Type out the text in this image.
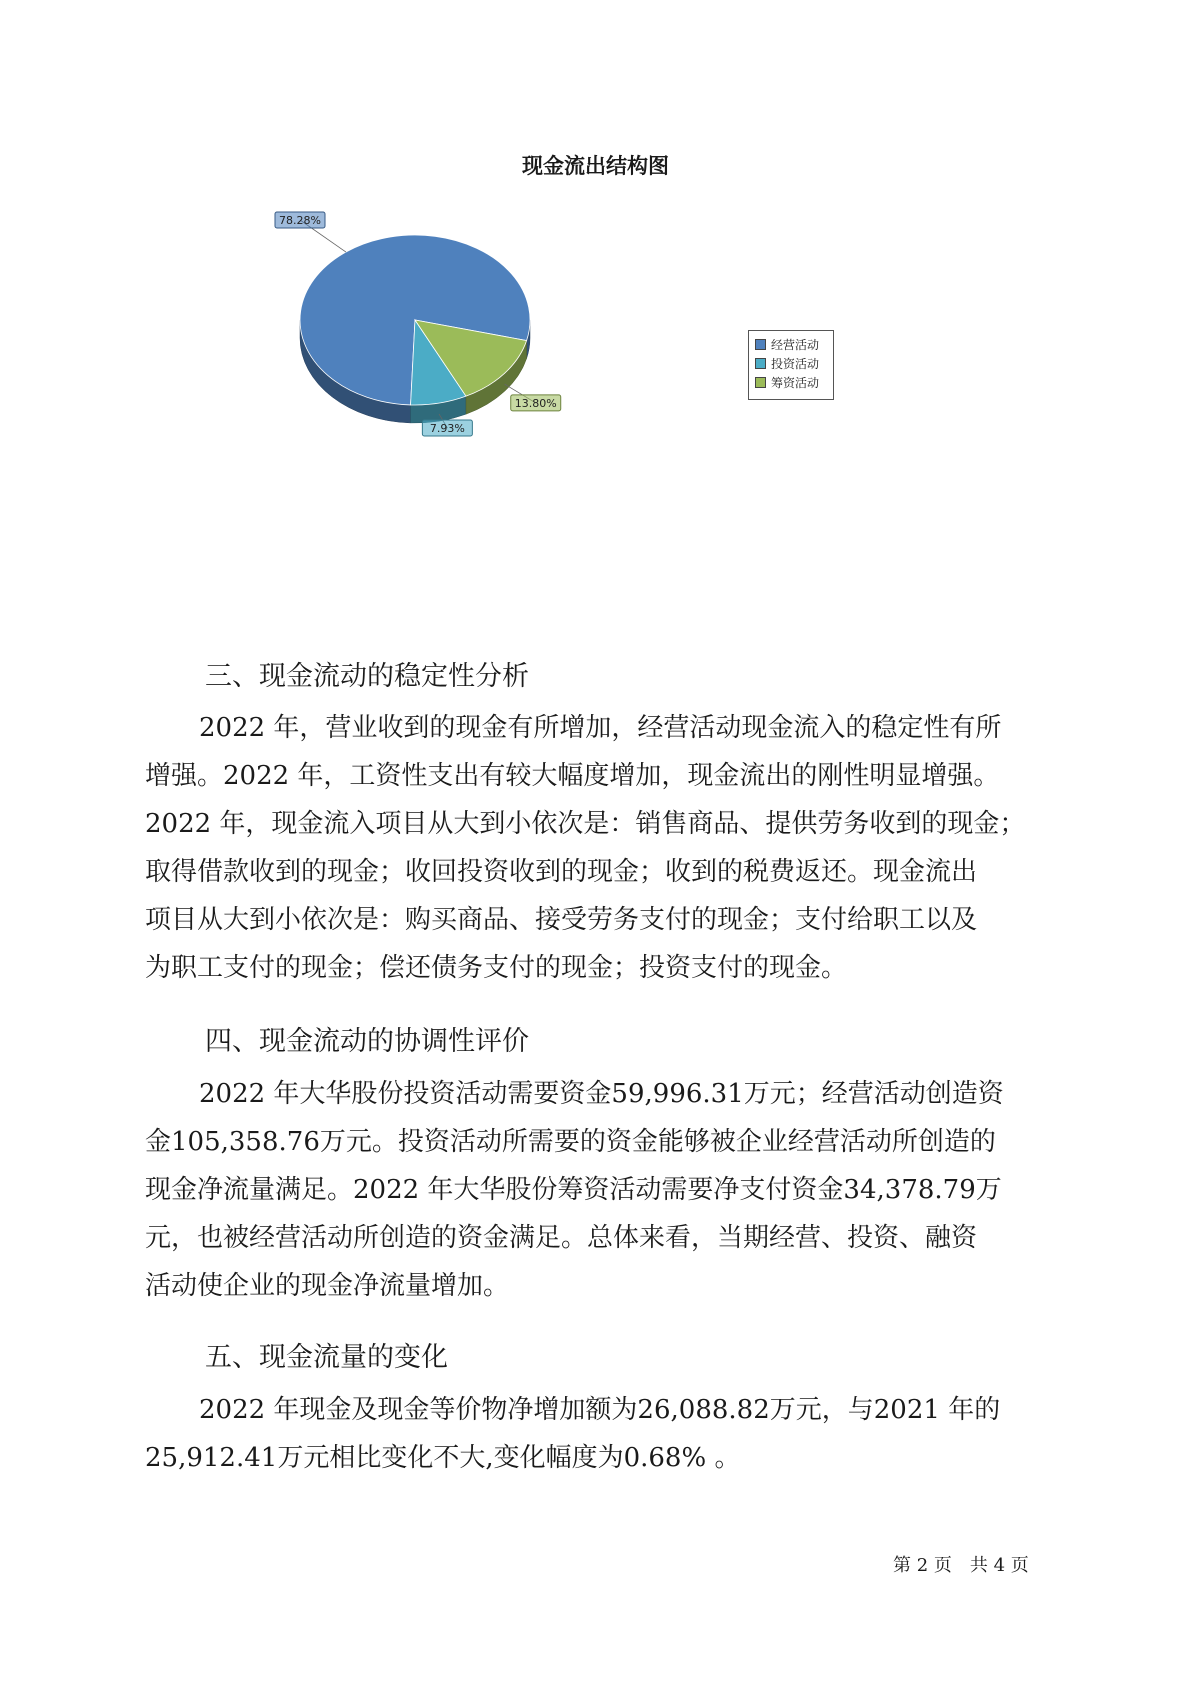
现金流出结构图
78.28%
7.93%
13.80%
经营活动
投资活动
筹资活动
三、现金流动的稳定性分析

2022 年，营业收到的现金有所增加，经营活动现金流入的稳定性有所
增强。2022 年，工资性支出有较大幅度增加，现金流出的刚性明显增强。
2022 年，现金流入项目从大到小依次是：销售商品、提供劳务收到的现金；
取得借款收到的现金；收回投资收到的现金；收到的税费返还。现金流出
项目从大到小依次是：购买商品、接受劳务支付的现金；支付给职工以及
为职工支付的现金；偿还债务支付的现金；投资支付的现金。

四、现金流动的协调性评价

2022 年大华股份投资活动需要资金59,996.31万元；经营活动创造资
金105,358.76万元。投资活动所需要的资金能够被企业经营活动所创造的
现金净流量满足。2022 年大华股份筹资活动需要净支付资金34,378.79万
元，也被经营活动所创造的资金满足。总体来看，当期经营、投资、融资
活动使企业的现金净流量增加。

五、现金流量的变化

2022 年现金及现金等价物净增加额为26,088.82万元，与2021 年的
25,912.41万元相比变化不大,变化幅度为0.68% 。

第 2 页　共 4 页
